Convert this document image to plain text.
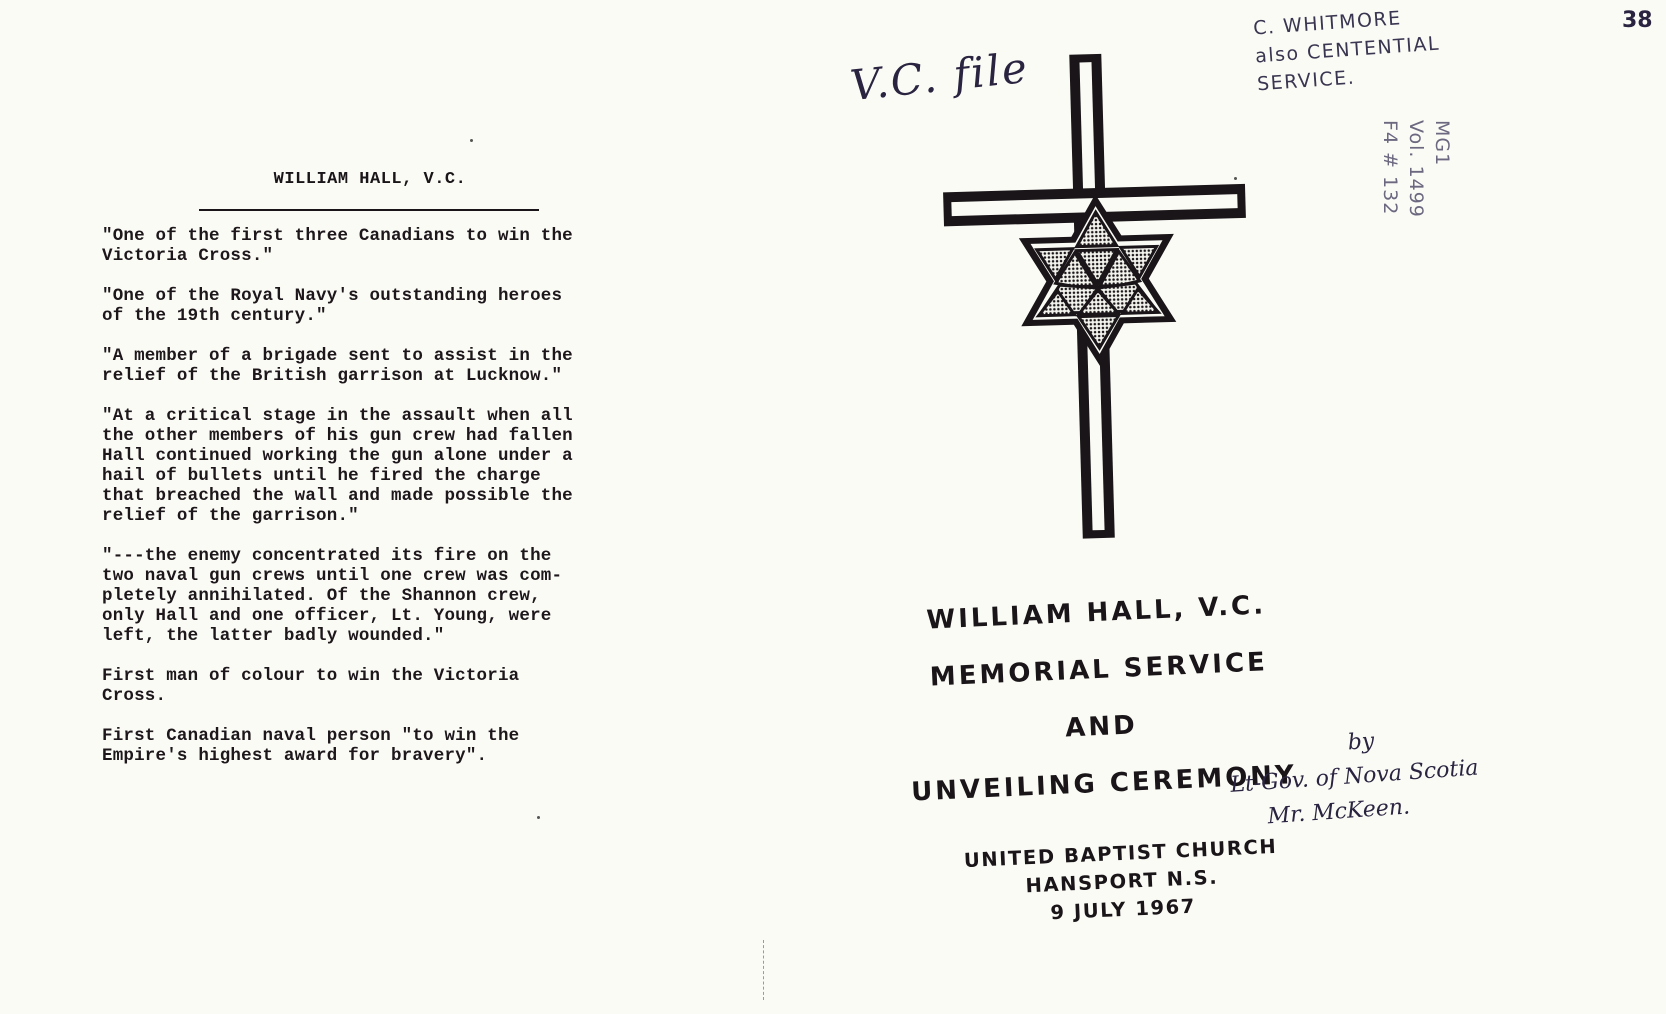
WILLIAM HALL, V.C.

"One of the first three Canadians to win the
Victoria Cross."

"One of the Royal Navy's outstanding heroes
of the 19th century."

"A member of a brigade sent to assist in the
relief of the British garrison at Lucknow."

"At a critical stage in the assault when all
the other members of his gun crew had fallen
Hall continued working the gun alone under a
hail of bullets until he fired the charge
that breached the wall and made possible the
relief of the garrison."

"---the enemy concentrated its fire on the
two naval gun crews until one crew was com-
pletely annihilated. Of the Shannon crew,
only Hall and one officer, Lt. Young, were
left, the latter badly wounded."

First man of colour to win the Victoria
Cross.

First Canadian naval person "to win the
Empire's highest award for bravery".

WILLIAM HALL, V.C.
MEMORIAL SERVICE
AND
UNVEILING CEREMONY
UNITED BAPTIST CHURCH
HANSPORT N.S.
9 JULY 1967
V.C. file
C. WHITMORE
also CENTENTIAL
SERVICE.
MG1
Vol. 1499
F4 # 132
38
by
Lt-Gov. of Nova Scotia
Mr. McKeen.
